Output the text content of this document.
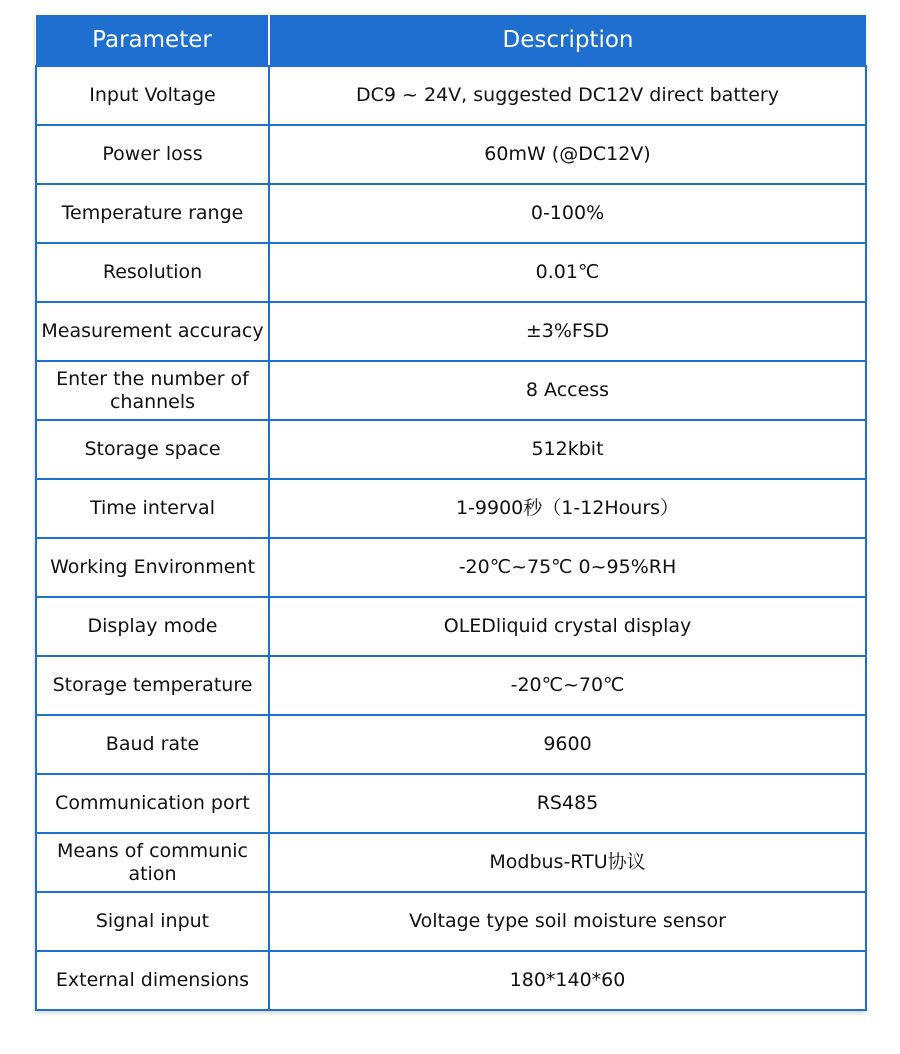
Parameter	Description
Input Voltage	DC9 ~ 24V, suggested DC12V direct battery
Power loss	60mW (@DC12V)
Temperature range	0-100%
Resolution	0.01℃
Measurement accuracy	±3%FSD
Enter the number of channels	8 Access
Storage space	512kbit
Time interval	1-9900秒（1-12Hours）
Working Environment	-20℃~75℃ 0~95%RH
Display mode	OLEDliquid crystal display
Storage temperature	-20℃~70℃
Baud rate	9600
Communication port	RS485
Means of communic ation	Modbus-RTU协议
Signal input	Voltage type soil moisture sensor
External dimensions	180*140*60
